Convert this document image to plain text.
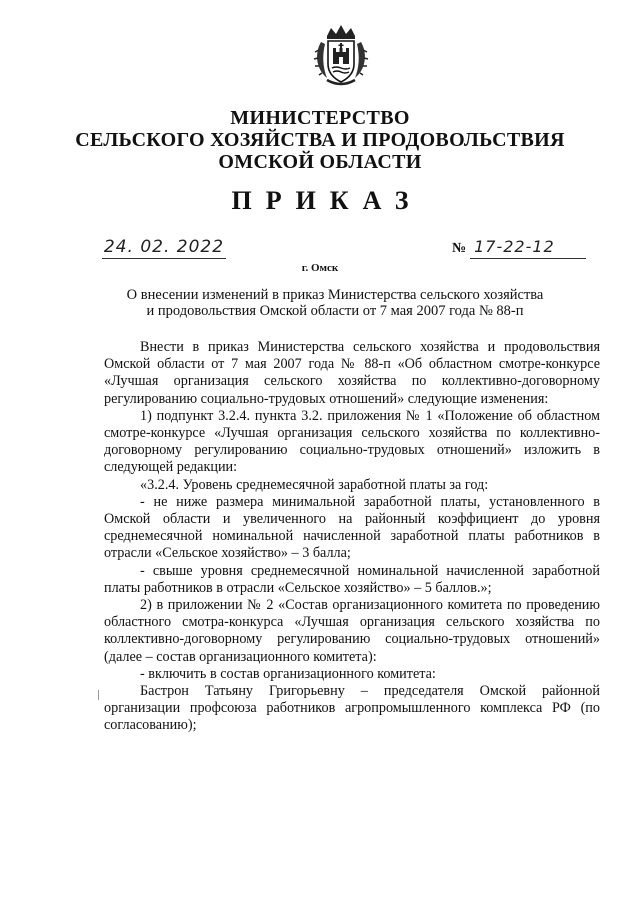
МИНИСТЕРСТВО
СЕЛЬСКОГО ХОЗЯЙСТВА И ПРОДОВОЛЬСТВИЯ
ОМСКОЙ ОБЛАСТИ
ПРИКАЗ
24. 02. 2022	№ 17-22-12
г. Омск
О внесении изменений в приказ Министерства сельского хозяйства
и продовольствия Омской области от 7 мая 2007 года № 88-п

Внести в приказ Министерства сельского хозяйства и продовольствия Омской области от 7 мая 2007 года № 88-п «Об областном смотре-конкурсе «Лучшая организация сельского хозяйства по коллективно-договорному регулированию социально-трудовых отношений» следующие изменения:

1) подпункт 3.2.4. пункта 3.2. приложения № 1 «Положение об областном смотре-конкурсе «Лучшая организация сельского хозяйства по коллективно-договорному регулированию социально-трудовых отношений» изложить в следующей редакции:

«3.2.4. Уровень среднемесячной заработной платы за год:

- не ниже размера минимальной заработной платы, установленного в Омской области и увеличенного на районный коэффициент до уровня среднемесячной номинальной начисленной заработной платы работников в отрасли «Сельское хозяйство» – 3 балла;

- свыше уровня среднемесячной номинальной начисленной заработной платы работников в отрасли «Сельское хозяйство» – 5 баллов.»;

2) в приложении № 2 «Состав организационного комитета по проведению областного смотра-конкурса «Лучшая организация сельского хозяйства по коллективно-договорному регулированию социально-трудовых отношений» (далее – состав организационного комитета):

- включить в состав организационного комитета:

Бастрон Татьяну Григорьевну – председателя Омской районной организации профсоюза работников агропромышленного комплекса РФ (по согласованию);
